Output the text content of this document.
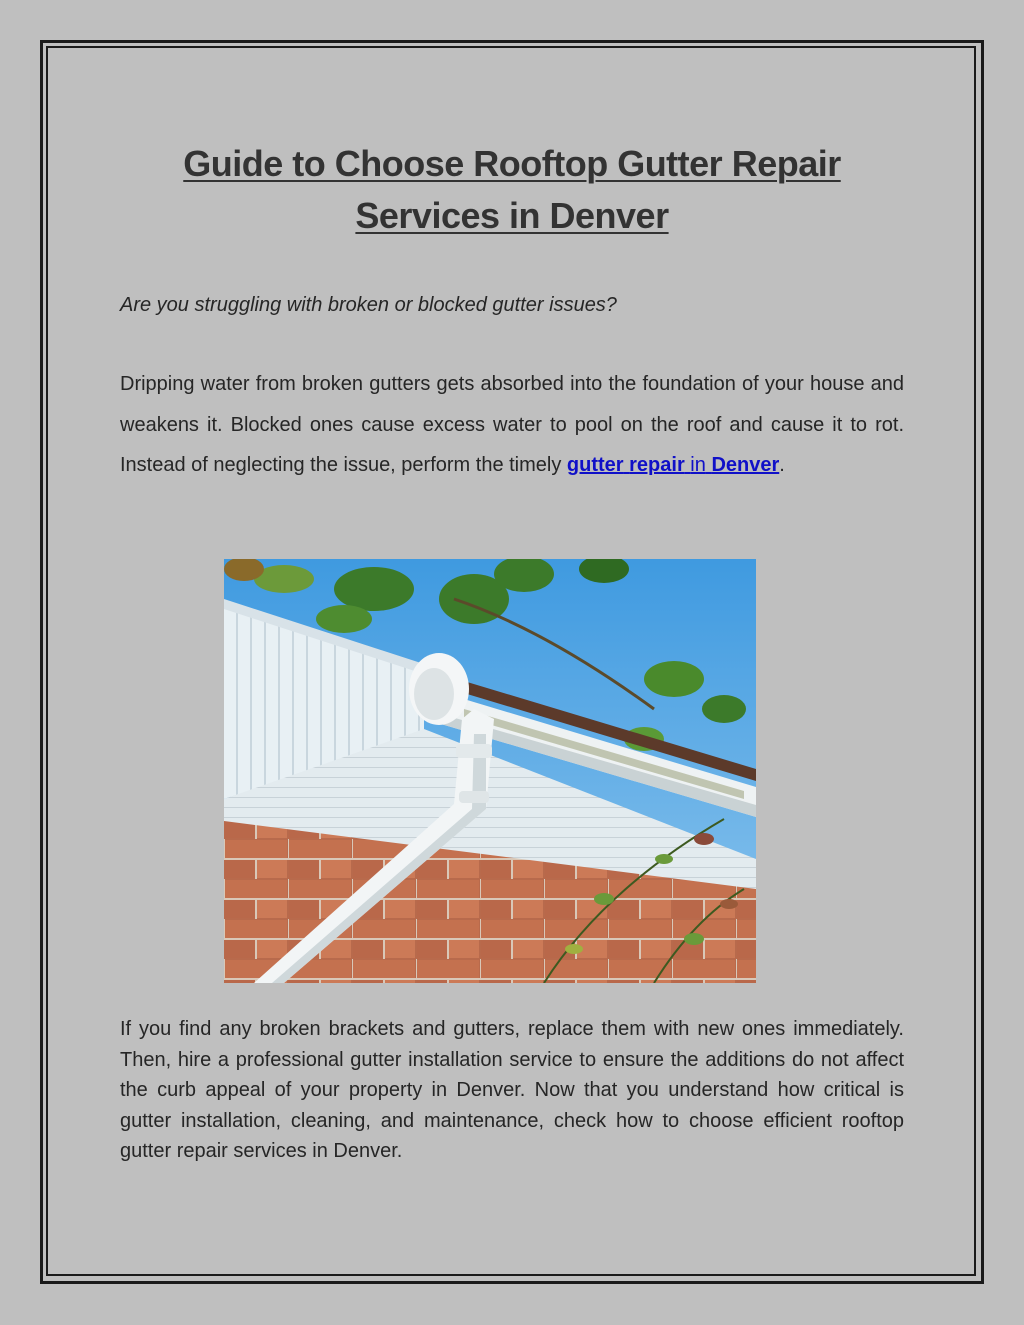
Guide to Choose Rooftop Gutter Repair
Services in Denver
Are you struggling with broken or blocked gutter issues?
Dripping water from broken gutters gets absorbed into the foundation of your house and weakens it. Blocked ones cause excess water to pool on the roof and cause it to rot. Instead of neglecting the issue, perform the timely gutter repair in Denver.
If you find any broken brackets and gutters, replace them with new ones immediately. Then, hire a professional gutter installation service to ensure the additions do not affect the curb appeal of your property in Denver. Now that you understand how critical is gutter installation, cleaning, and maintenance, check how to choose efficient rooftop gutter repair services in Denver.
